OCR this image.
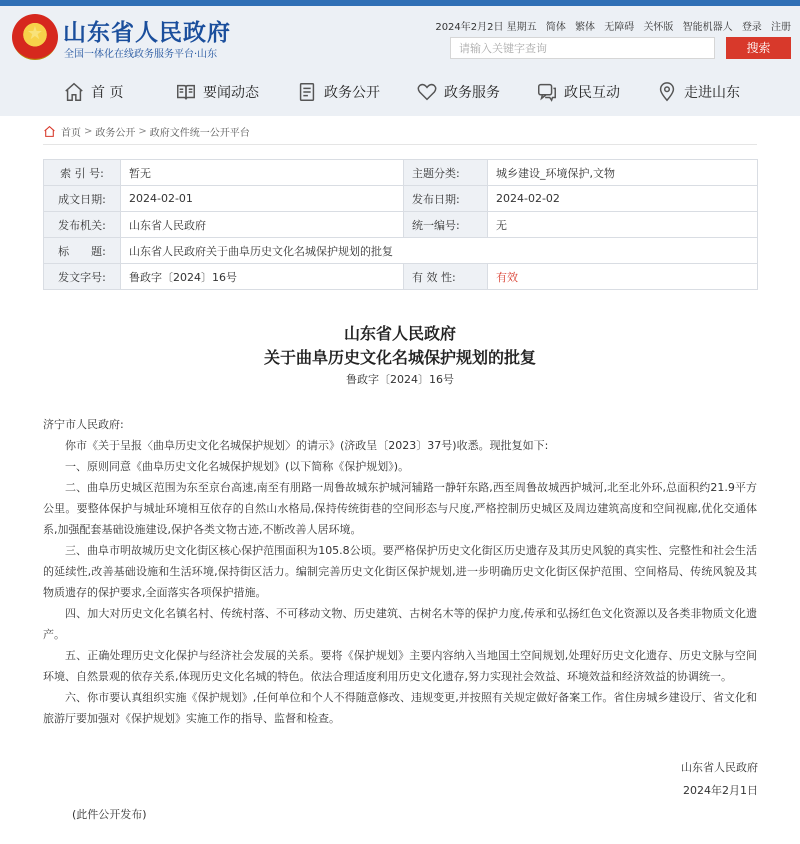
★ 山东省人民政府
全国一体化在线政务服务平台·山东
2024年2月2日 星期五 简体 繁体 无障碍 关怀版 智能机器人 登录 注册
请输入关键字查询	搜索
首 页	要闻动态	政务公开	政务服务	政民互动	走进山东
首页 > 政务公开 > 政府文件统一公开平台
索 引 号:	暂无	主题分类:	城乡建设_环境保护,文物
成文日期:	2024-02-01	发布日期:	2024-02-02
发布机关:	山东省人民政府	统一编号:	无
标　　题:	山东省人民政府关于曲阜历史文化名城保护规划的批复		
发文字号:	鲁政字〔2024〕16号	有 效 性:	有效
山东省人民政府
关于曲阜历史文化名城保护规划的批复
鲁政字〔2024〕16号

济宁市人民政府:

你市《关于呈报〈曲阜历史文化名城保护规划〉的请示》(济政呈〔2023〕37号)收悉。现批复如下:

一、原则同意《曲阜历史文化名城保护规划》(以下简称《保护规划》)。

二、曲阜历史城区范围为东至京台高速,南至有朋路一周鲁故城东护城河辅路一静轩东路,西至周鲁故城西护城河,北至北外环,总面积约21.9平方公里。要整体保护与城址环境相互依存的自然山水格局,保持传统街巷的空间形态与尺度,严格控制历史城区及周边建筑高度和空间视廊,优化交通体系,加强配套基础设施建设,保护各类文物古迹,不断改善人居环境。

三、曲阜市明故城历史文化街区核心保护范围面积为105.8公顷。要严格保护历史文化街区历史遗存及其历史风貌的真实性、完整性和社会生活的延续性,改善基础设施和生活环境,保持街区活力。编制完善历史文化街区保护规划,进一步明确历史文化街区保护范围、空间格局、传统风貌及其物质遗存的保护要求,全面落实各项保护措施。

四、加大对历史文化名镇名村、传统村落、不可移动文物、历史建筑、古树名木等的保护力度,传承和弘扬红色文化资源以及各类非物质文化遗产。

五、正确处理历史文化保护与经济社会发展的关系。要将《保护规划》主要内容纳入当地国土空间规划,处理好历史文化遗存、历史文脉与空间环境、自然景观的依存关系,体现历史文化名城的特色。依法合理适度利用历史文化遗存,努力实现社会效益、环境效益和经济效益的协调统一。

六、你市要认真组织实施《保护规划》,任何单位和个人不得随意修改、违规变更,并按照有关规定做好备案工作。省住房城乡建设厅、省文化和旅游厅要加强对《保护规划》实施工作的指导、监督和检查。

山东省人民政府
2024年2月1日
(此件公开发布)
